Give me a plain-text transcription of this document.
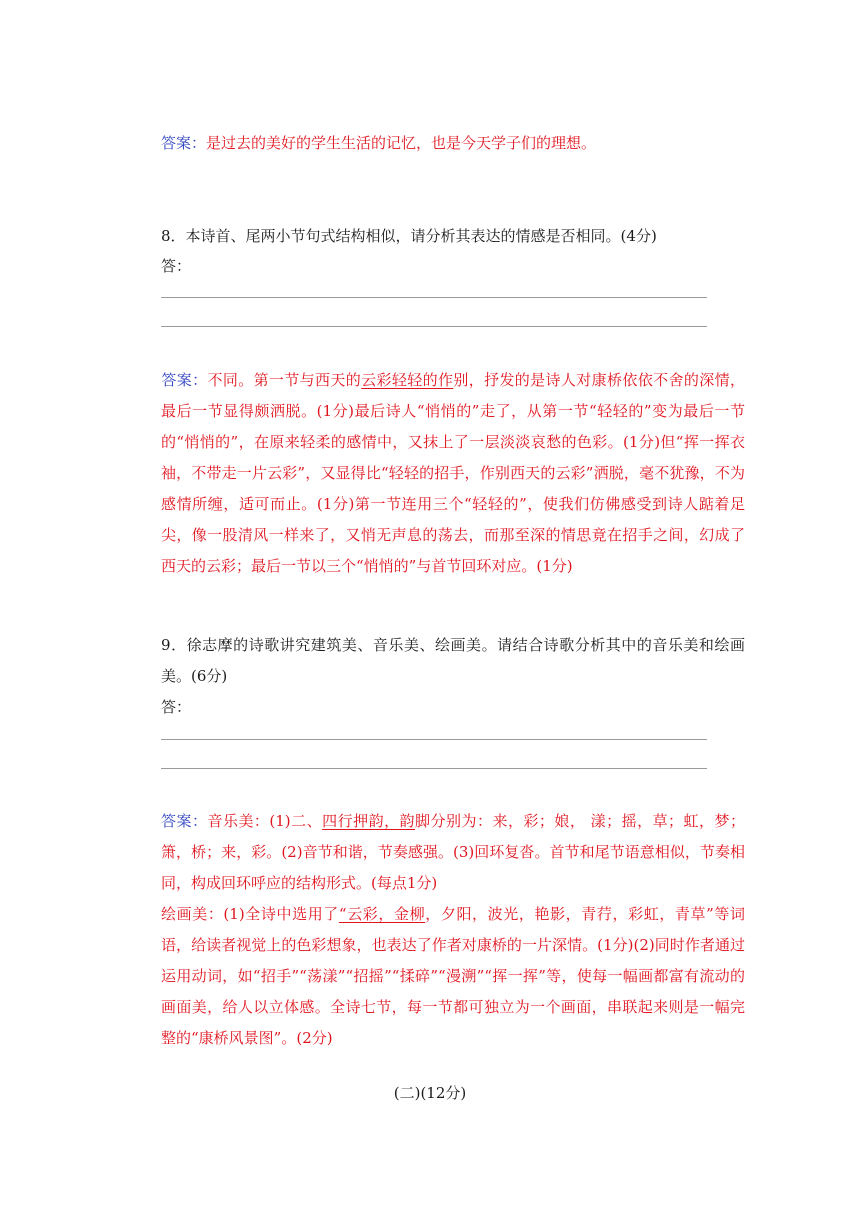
答案：是过去的美好的学生生活的记忆，也是今天学子们的理想。
8．本诗首、尾两小节句式结构相似，请分析其表达的情感是否相同。(4分)
答：
答案：不同。第一节与西天的云彩轻轻的作别，抒发的是诗人对康桥依依不舍的深情，最后一节显得颇洒脱。(1分)最后诗人“悄悄的”走了，从第一节“轻轻的”变为最后一节的“悄悄的”，在原来轻柔的感情中，又抹上了一层淡淡哀愁的色彩。(1分)但“挥一挥衣袖，不带走一片云彩”，又显得比“轻轻的招手，作别西天的云彩”洒脱，毫不犹豫，不为感情所缠，适可而止。(1分)第一节连用三个“轻轻的”，使我们仿佛感受到诗人踮着足尖，像一股清风一样来了，又悄无声息的荡去，而那至深的情思竟在招手之间，幻成了西天的云彩；最后一节以三个“悄悄的”与首节回环对应。(1分)
9．徐志摩的诗歌讲究建筑美、音乐美、绘画美。请结合诗歌分析其中的音乐美和绘画美。(6分)
答：
答案：音乐美：(1)二、四行押韵，韵脚分别为：来，彩；娘， 漾；摇，草；虹，梦；箫，桥；来，彩。(2)音节和谐，节奏感强。(3)回环复沓。首节和尾节语意相似，节奏相同，构成回环呼应的结构形式。(每点1分)
绘画美：(1)全诗中选用了“云彩，金柳，夕阳，波光，艳影，青荇，彩虹，青草”等词语，给读者视觉上的色彩想象，也表达了作者对康桥的一片深情。(1分)(2)同时作者通过运用动词，如“招手”“荡漾”“招摇”“揉碎”“漫溯”“挥一挥”等，使每一幅画都富有流动的画面美，给人以立体感。全诗七节，每一节都可独立为一个画面，串联起来则是一幅完整的“康桥风景图”。(2分)
(二)(12分)
